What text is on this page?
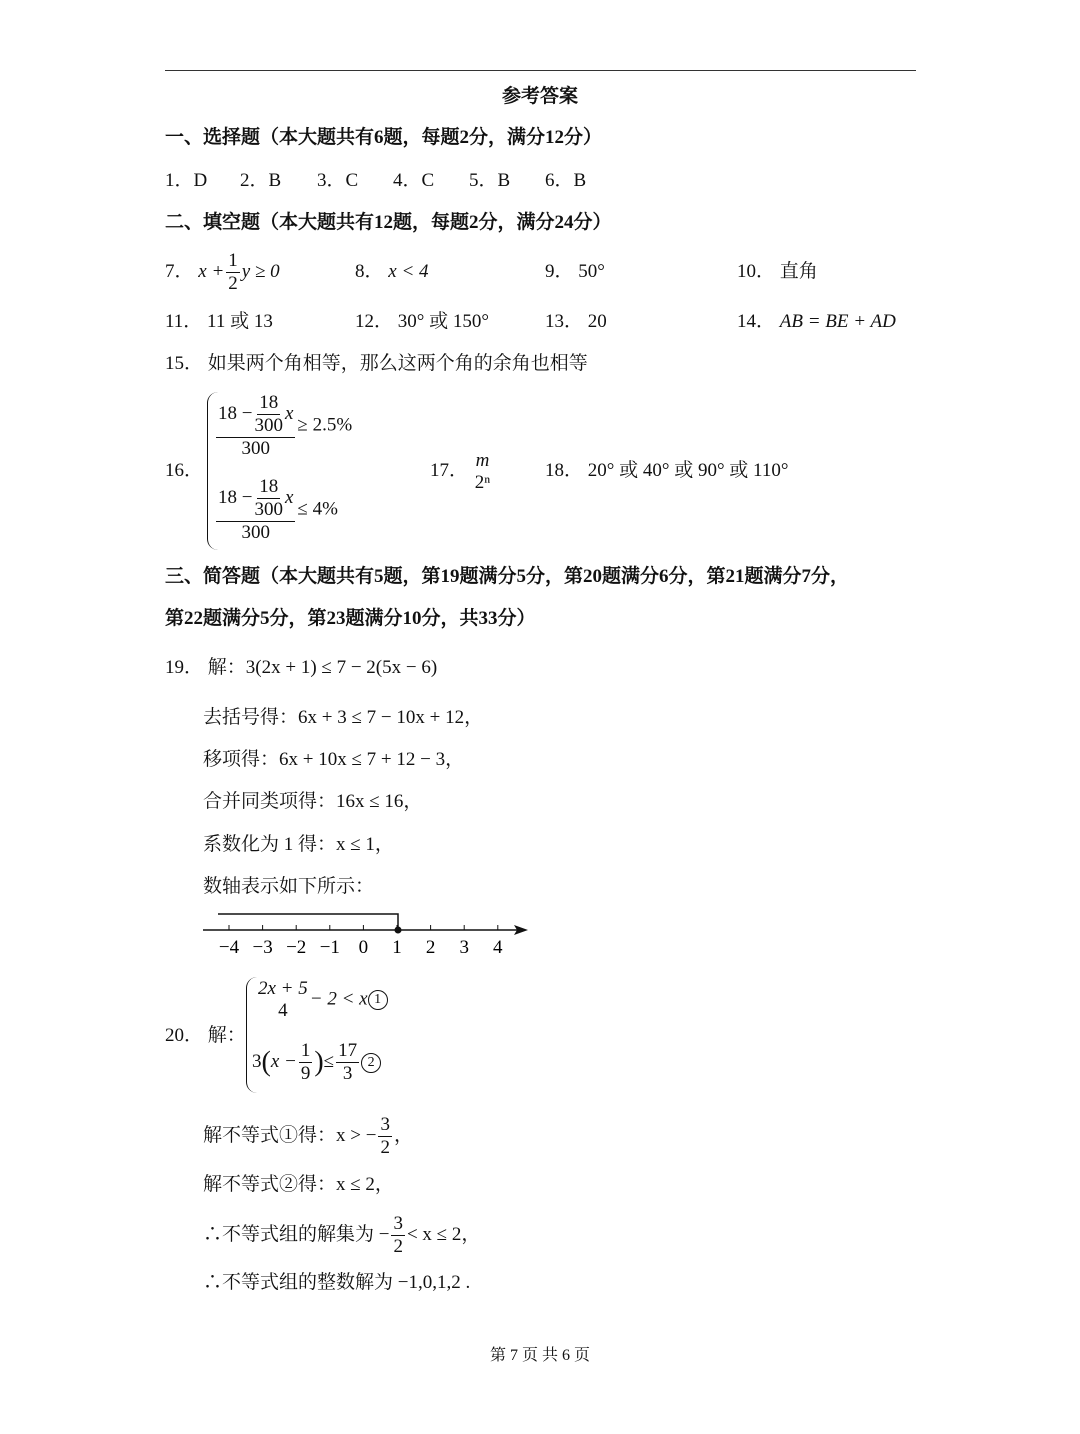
参考答案
一、选择题（本大题共有6题，每题2分，满分12分）
1．D 2．B 3．C 4．C 5．B 6．B
二、填空题（本大题共有12题，每题2分，满分24分）
7． $x + \frac{1}{2}$ y ≥ 0	8． x < 4	9． 50°	10． 直角
11． 11 或 13	12． 30° 或 150°	13． 20	14． AB = BE + AD
15． 如果两个角相等，那么这两个角的余角也相等
16．
$\frac{18 - \frac{18}{300} x}{300} \ge 2.5\%$
$\frac{18 - \frac{18}{300} x}{300} \le 4\%$
17． m
2ⁿ
18． 20° 或 40° 或 90° 或 110°
三、简答题（本大题共有5题，第19题满分5分，第20题满分6分，第21题满分7分，
第22题满分5分，第23题满分10分，共33分）
19． 解：3(2x + 1) ≤ 7 − 2(5x − 6)
去括号得：6x + 3 ≤ 7 − 10x + 12，
移项得：6x + 10x ≤ 7 + 12 − 3，
合并同类项得：16x ≤ 16，
系数化为 1 得：x ≤ 1，
数轴表示如下所示：
−4 −3 −2 −1 0 1 2 3 4
20． 解：
2x + 5
4
− 2 < x 1
$3(x - \frac{1}{9}$ )≤ $\frac{17}{3} 2$
解不等式①得：x > − $\frac{3}{2}$ ，
解不等式②得：x ≤ 2，
∴不等式组的解集为 − $\frac{3}{2} < x \le 2$，
∴不等式组的整数解为 −1,0,1,2 .
第 7 页 共 6 页
